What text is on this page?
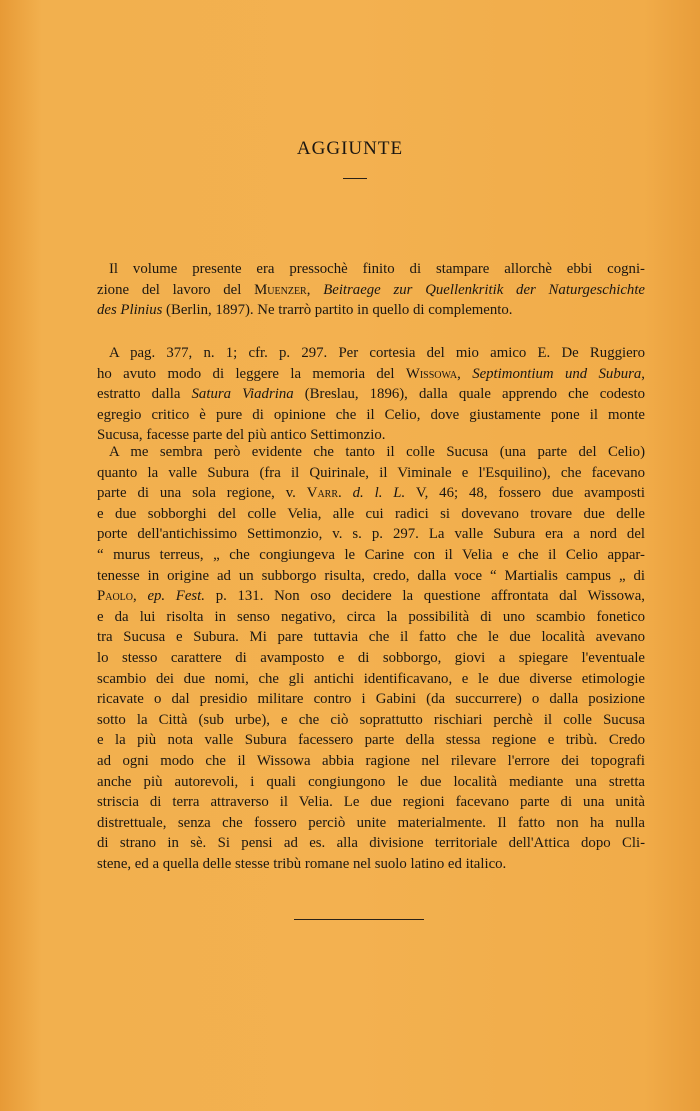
AGGIUNTE
Il volume presente era pressochè finito di stampare allorchè ebbi cogni-
zione del lavoro del Muenzer, Beitraege zur Quellenkritik der Naturgeschichte
des Plinius (Berlin, 1897). Ne trarrò partito in quello di complemento.
A pag. 377, n. 1; cfr. p. 297. Per cortesia del mio amico E. De Ruggiero
ho avuto modo di leggere la memoria del Wissowa, Septimontium und Subura,
estratto dalla Satura Viadrina (Breslau, 1896), dalla quale apprendo che codesto
egregio critico è pure di opinione che il Celio, dove giustamente pone il monte
Sucusa, facesse parte del più antico Settimonzio.
A me sembra però evidente che tanto il colle Sucusa (una parte del Celio)
quanto la valle Subura (fra il Quirinale, il Viminale e l'Esquilino), che facevano
parte di una sola regione, v. Varr. d. l. L. V, 46; 48, fossero due avamposti
e due sobborghi del colle Velia, alle cui radici si dovevano trovare due delle
porte dell'antichissimo Settimonzio, v. s. p. 297. La valle Subura era a nord del
“ murus terreus, „ che congiungeva le Carine con il Velia e che il Celio appar-
tenesse in origine ad un subborgo risulta, credo, dalla voce “ Martialis campus „ di
Paolo, ep. Fest. p. 131. Non oso decidere la questione affrontata dal Wissowa,
e da lui risolta in senso negativo, circa la possibilità di uno scambio fonetico
tra Sucusa e Subura. Mi pare tuttavia che il fatto che le due località avevano
lo stesso carattere di avamposto e di sobborgo, giovi a spiegare l'eventuale
scambio dei due nomi, che gli antichi identificavano, e le due diverse etimologie
ricavate o dal presidio militare contro i Gabini (da succurrere) o dalla posizione
sotto la Città (sub urbe), e che ciò soprattutto rischiari perchè il colle Sucusa
e la più nota valle Subura facessero parte della stessa regione e tribù. Credo
ad ogni modo che il Wissowa abbia ragione nel rilevare l'errore dei topografi
anche più autorevoli, i quali congiungono le due località mediante una stretta
striscia di terra attraverso il Velia. Le due regioni facevano parte di una unità
distrettuale, senza che fossero perciò unite materialmente. Il fatto non ha nulla
di strano in sè. Si pensi ad es. alla divisione territoriale dell'Attica dopo Cli-
stene, ed a quella delle stesse tribù romane nel suolo latino ed italico.
